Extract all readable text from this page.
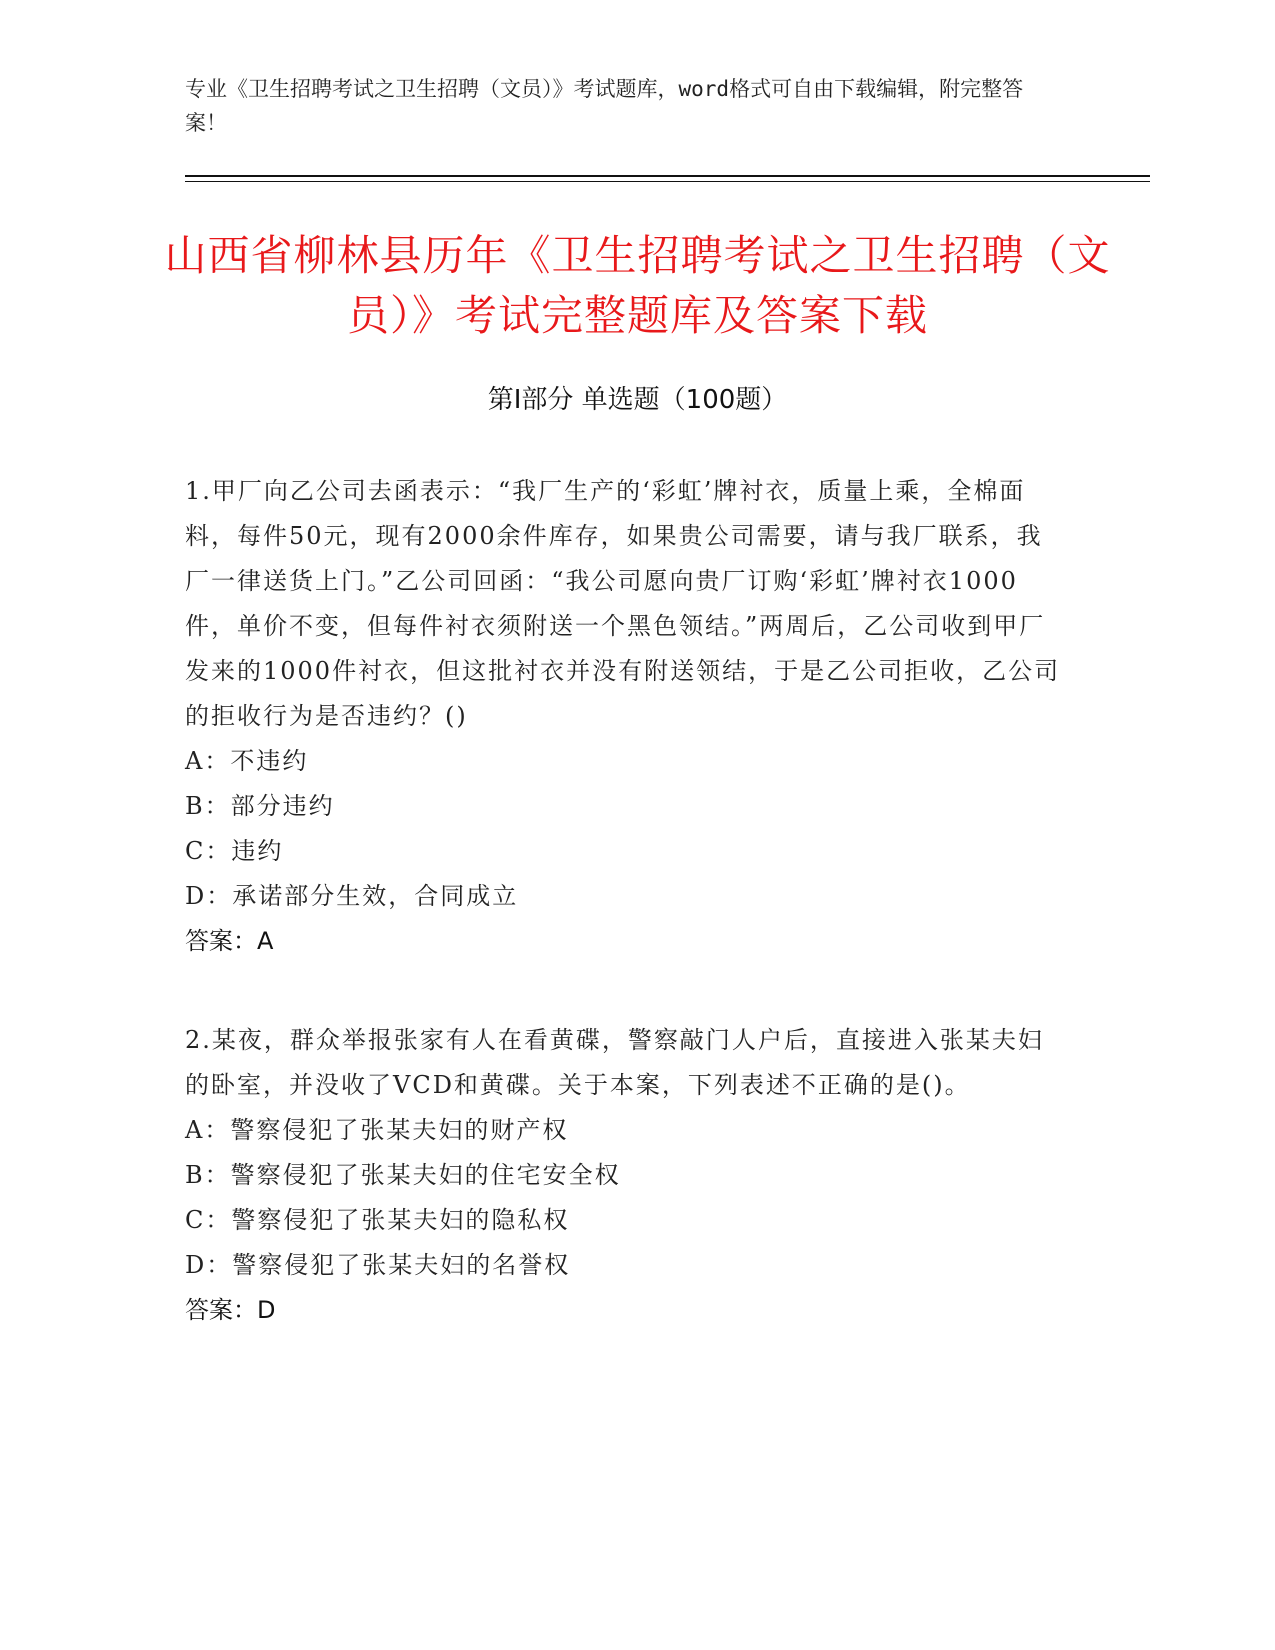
专业《卫生招聘考试之卫生招聘（文员）》考试题库，word格式可自由下载编辑，附完整答案！
山西省柳林县历年《卫生招聘考试之卫生招聘（文员）》考试完整题库及答案下载
第Ⅰ部分 单选题（100题）

1.甲厂向乙公司去函表示：“我厂生产的‘彩虹’牌衬衣，质量上乘，全棉面料，每件50元，现有2000余件库存，如果贵公司需要，请与我厂联系，我厂一律送货上门。”乙公司回函：“我公司愿向贵厂订购‘彩虹’牌衬衣1000件，单价不变，但每件衬衣须附送一个黑色领结。”两周后，乙公司收到甲厂发来的1000件衬衣，但这批衬衣并没有附送领结，于是乙公司拒收，乙公司的拒收行为是否违约？()

A：不违约

B：部分违约

C：违约

D：承诺部分生效，合同成立

答案：A

2.某夜，群众举报张家有人在看黄碟，警察敲门人户后，直接进入张某夫妇的卧室，并没收了VCD和黄碟。关于本案，下列表述不正确的是()。

A：警察侵犯了张某夫妇的财产权

B：警察侵犯了张某夫妇的住宅安全权

C：警察侵犯了张某夫妇的隐私权

D：警察侵犯了张某夫妇的名誉权

答案：D
